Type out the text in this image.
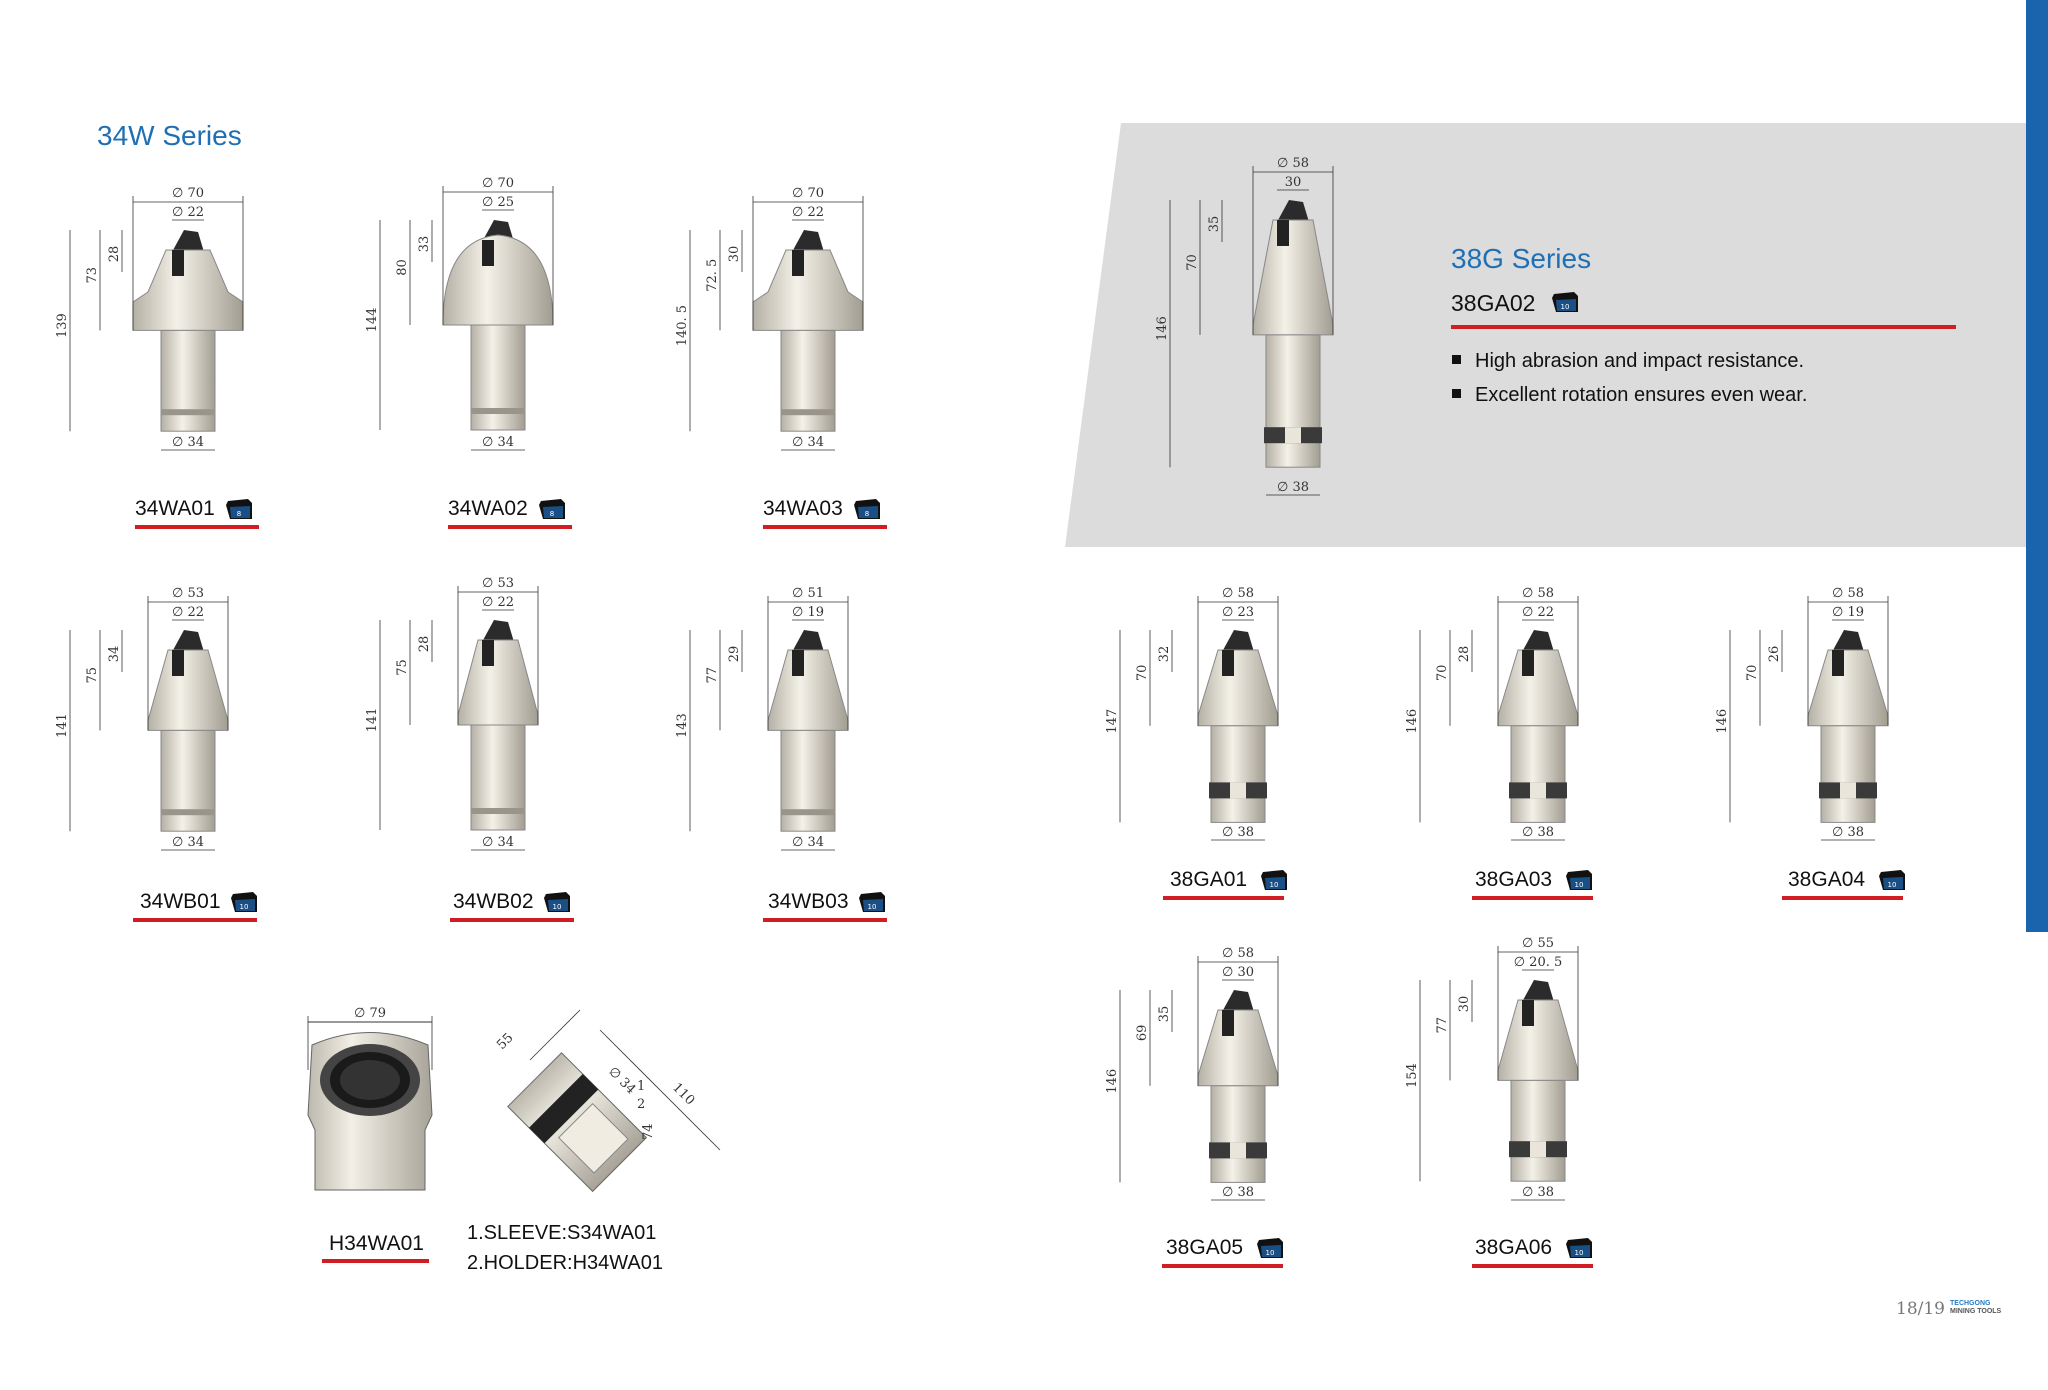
34W Series
38G Series
38GA02	10
High abrasion and impact resistance.
Excellent rotation ensures even wear.
∅ 70
∅ 22
∅ 34
139
73
28
∅ 70
∅ 25
∅ 34
144
80
33
∅ 70
∅ 22
∅ 34
140. 5
72. 5
30
∅ 53
∅ 22
∅ 34
141
75
34
∅ 53
∅ 22
∅ 34
141
75
28
∅ 51
∅ 19
∅ 34
143
77
29
∅ 58
30
∅ 38
146
70
35
∅ 58
∅ 23
∅ 38
147
70
32
∅ 58
∅ 22
∅ 38
146
70
28
∅ 58
∅ 19
∅ 38
146
70
26
∅ 58
∅ 30
∅ 38
146
69
35
∅ 55
∅ 20. 5
∅ 38
154
77
30
∅ 79
110
55
∅ 34
74
1
2
H34WA01 1.SLEEVE:S34WA01
2.HOLDER:H34WA01
18/19 TECHGONG
MINING TOOLS
34WA01	8	34WA02	8	34WA03	8
34WB01	10	34WB02	10	34WB03	10
38GA01	10	38GA03	10	38GA04	10
38GA05	10	38GA06	10
